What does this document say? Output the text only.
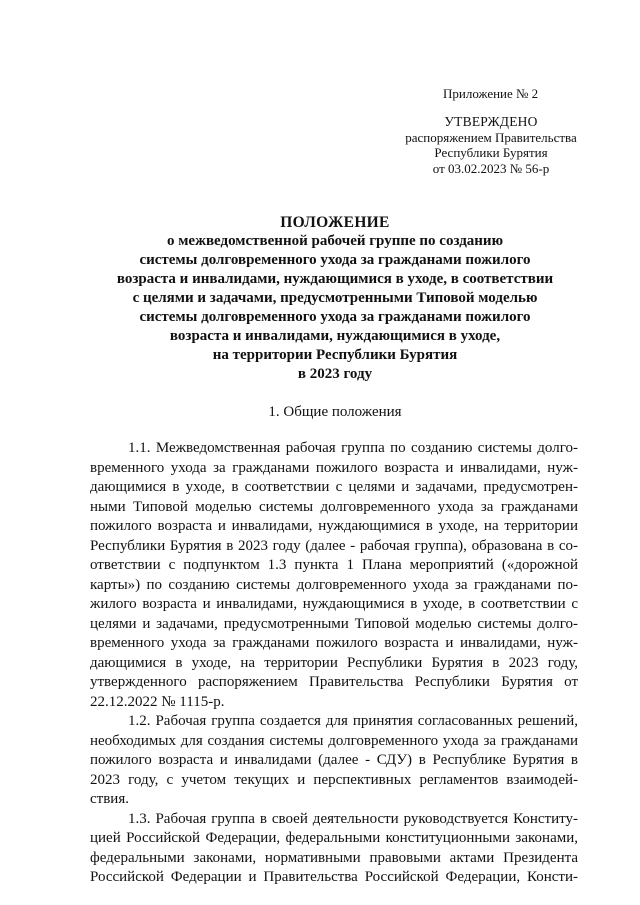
Приложение № 2
УТВЕРЖДЕНО
распоряжением Правительства
Республики Бурятия
от 03.02.2023 № 56-р
ПОЛОЖЕНИЕ
о межведомственной рабочей группе по созданию
системы долговременного ухода за гражданами пожилого
возраста и инвалидами, нуждающимися в уходе, в соответствии
с целями и задачами, предусмотренными Типовой моделью
системы долговременного ухода за гражданами пожилого
возраста и инвалидами, нуждающимися в уходе,
на территории Республики Бурятия
в 2023 году
1. Общие положения
1.1. Межведомственная рабочая группа по созданию системы долго-
временного ухода за гражданами пожилого возраста и инвалидами, нуж-
дающимися в уходе, в соответствии с целями и задачами, предусмотрен-
ными Типовой моделью системы долговременного ухода за гражданами
пожилого возраста и инвалидами, нуждающимися в уходе, на территории
Республики Бурятия в 2023 году (далее - рабочая группа), образована в со-
ответствии с подпунктом 1.3 пункта 1 Плана мероприятий («дорожной
карты») по созданию системы долговременного ухода за гражданами по-
жилого возраста и инвалидами, нуждающимися в уходе, в соответствии с
целями и задачами, предусмотренными Типовой моделью системы долго-
временного ухода за гражданами пожилого возраста и инвалидами, нуж-
дающимися в уходе, на территории Республики Бурятия в 2023 году,
утвержденного распоряжением Правительства Республики Бурятия от
22.12.2022 № 1115-р.
1.2. Рабочая группа создается для принятия согласованных решений,
необходимых для создания системы долговременного ухода за гражданами
пожилого возраста и инвалидами (далее - СДУ) в Республике Бурятия в
2023 году, с учетом текущих и перспективных регламентов взаимодей-
ствия.
1.3. Рабочая группа в своей деятельности руководствуется Конститу-
цией Российской Федерации, федеральными конституционными законами,
федеральными законами, нормативными правовыми актами Президента
Российской Федерации и Правительства Российской Федерации, Консти-
